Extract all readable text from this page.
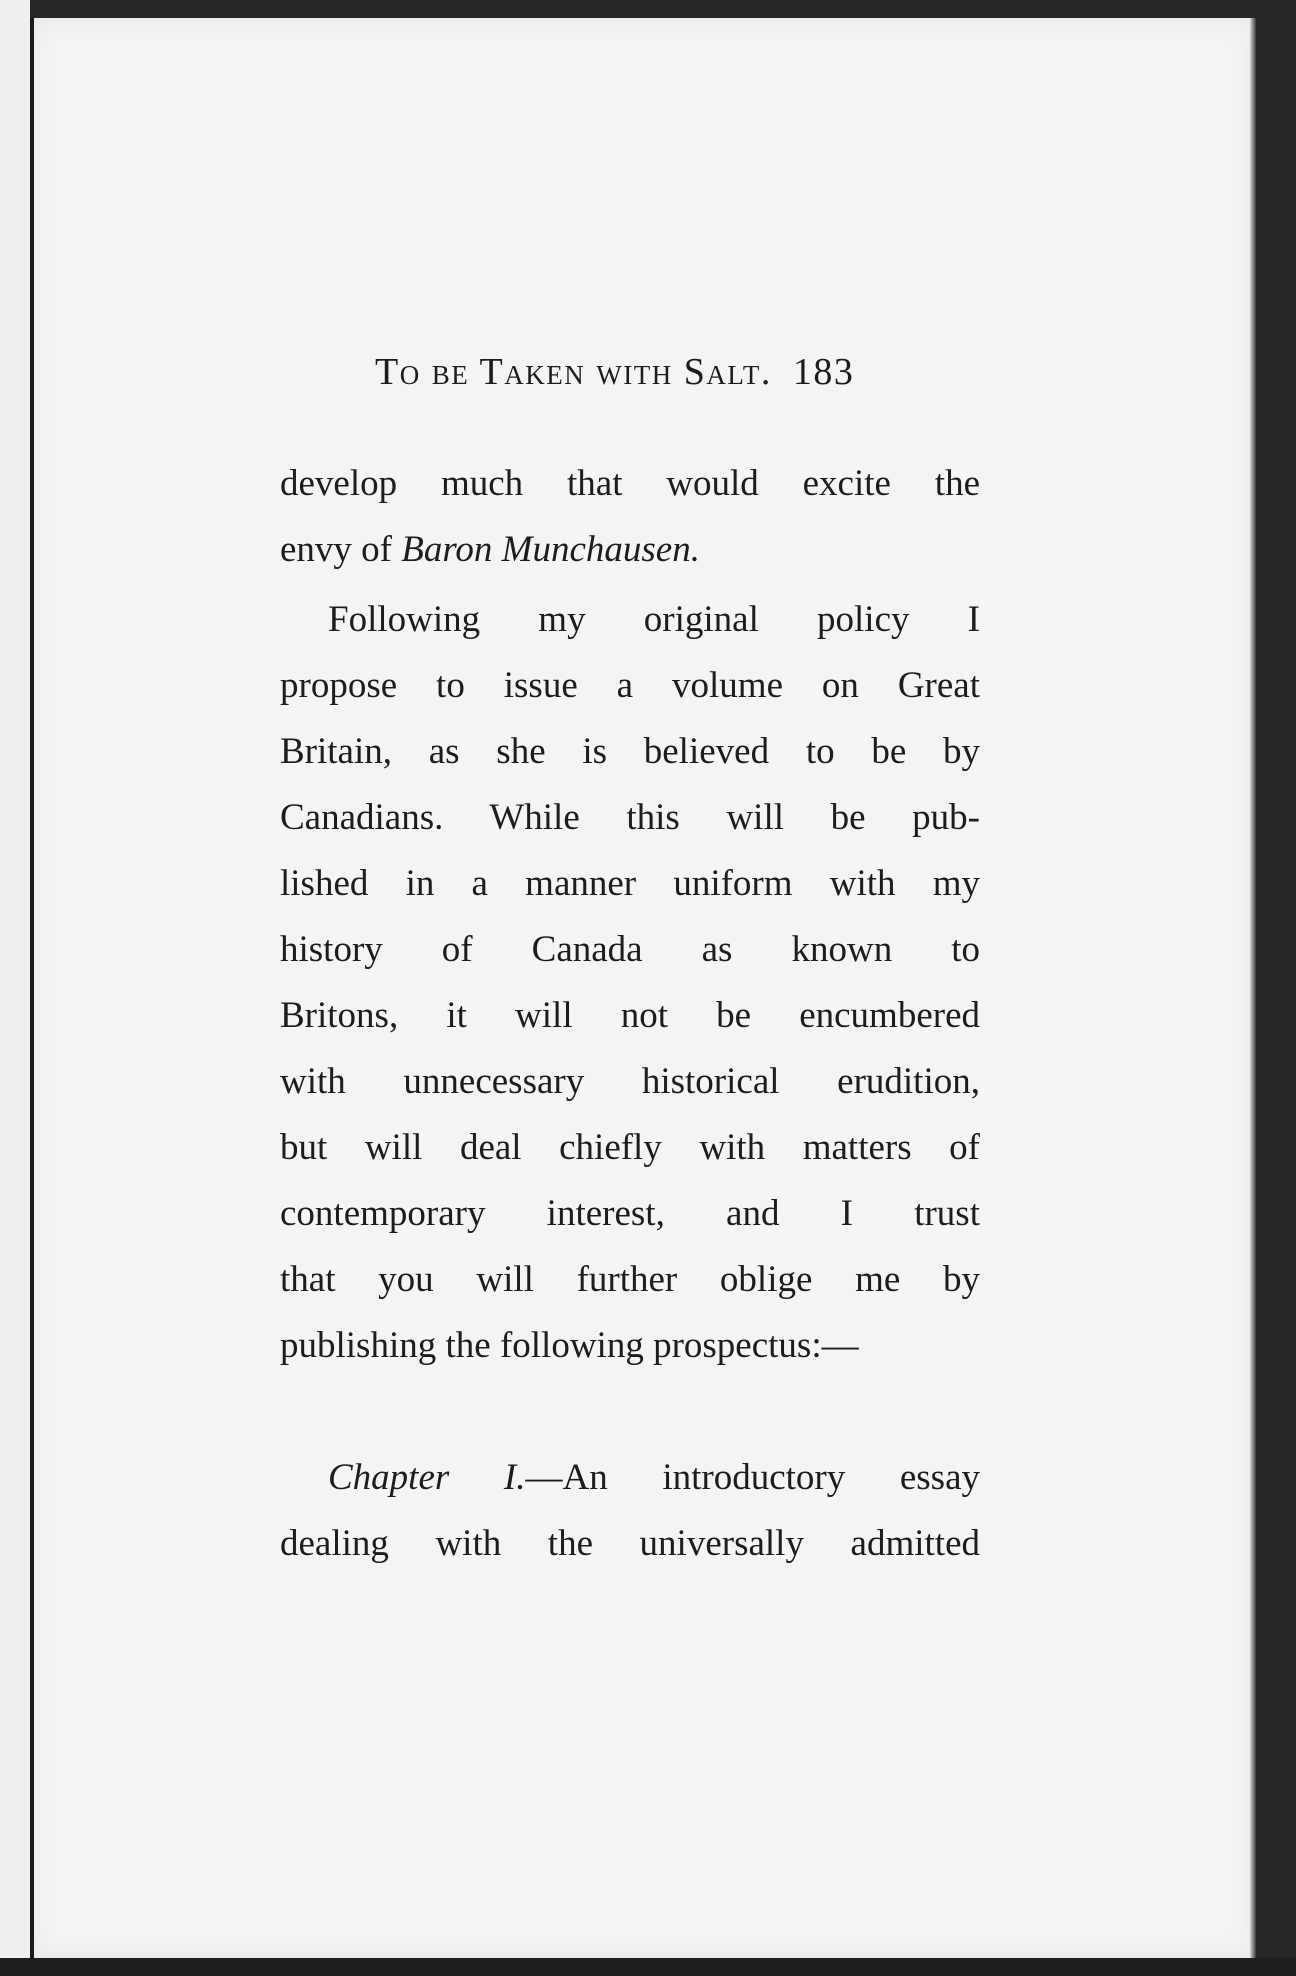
To be Taken with Salt. 183
develop much that would excite the
envy of Baron Munchausen.
Following my original policy I
propose to issue a volume on Great
Britain, as she is believed to be by
Canadians. While this will be pub-
lished in a manner uniform with my
history of Canada as known to
Britons, it will not be encumbered
with unnecessary historical erudition,
but will deal chiefly with matters of
contemporary interest, and I trust
that you will further oblige me by
publishing the following prospectus:—
Chapter I.—An introductory essay
dealing with the universally admitted
